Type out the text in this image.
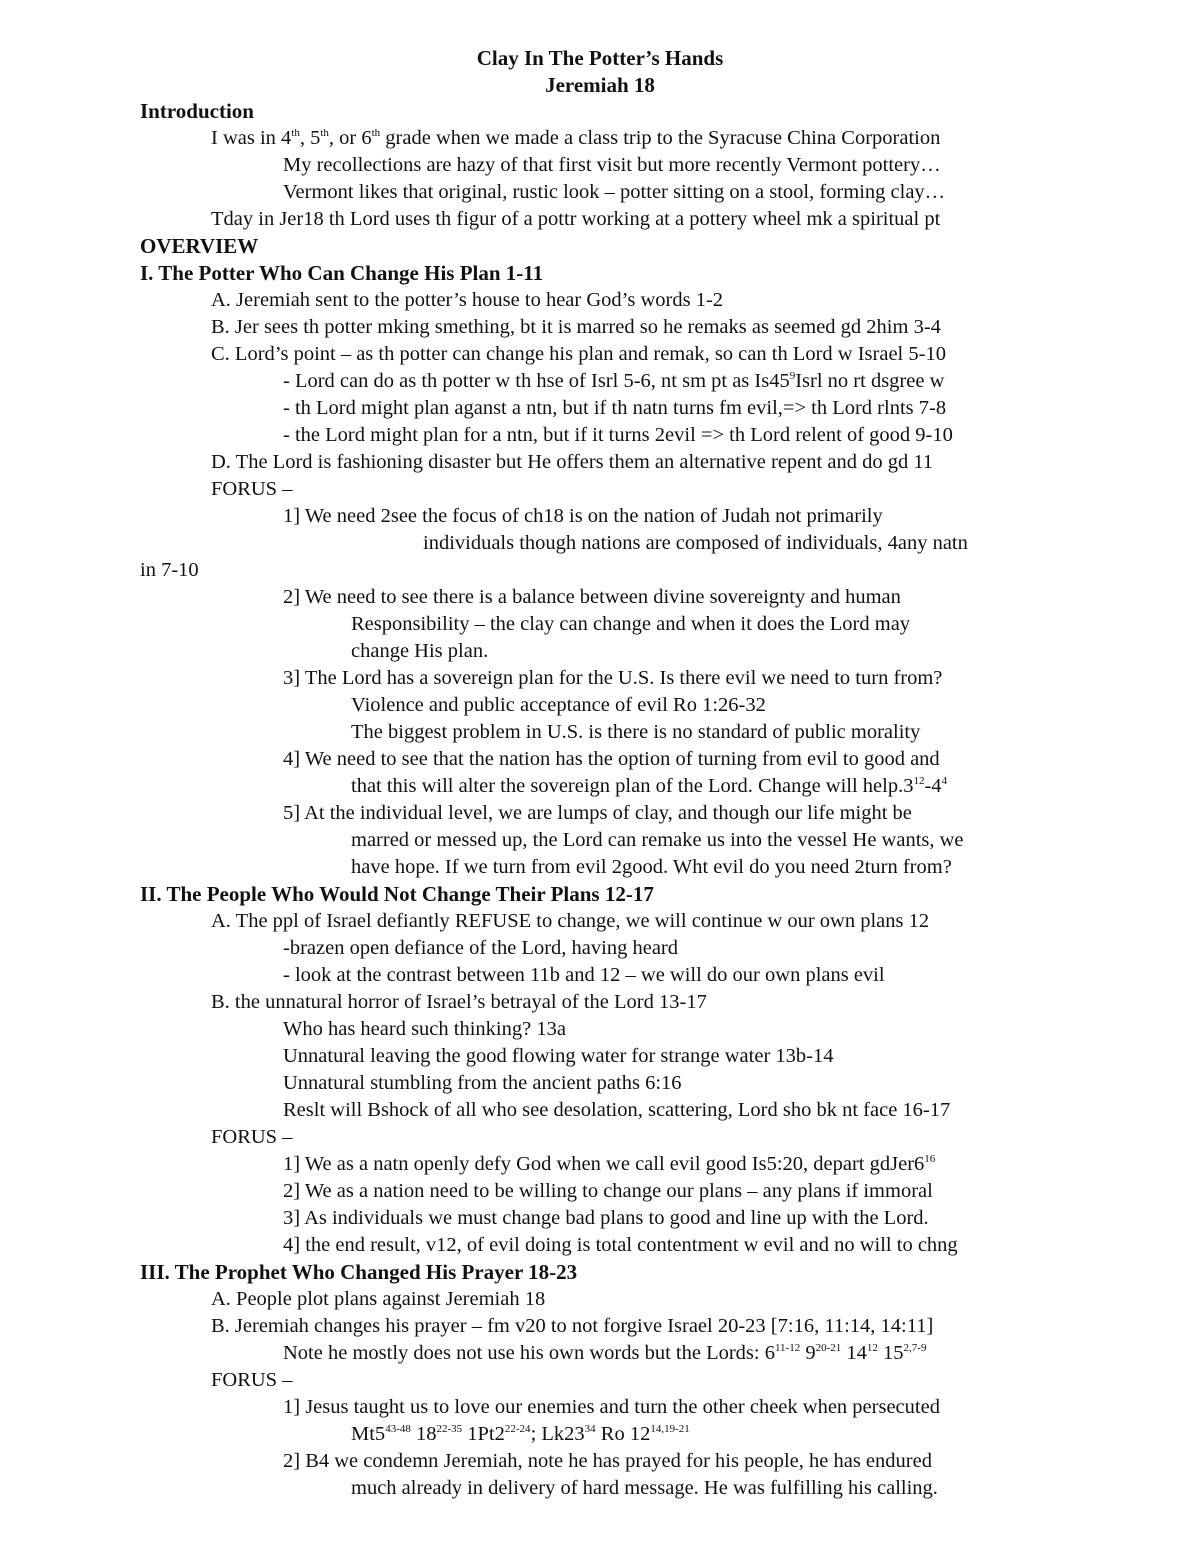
Clay In The Potter’s Hands
Jeremiah 18
Introduction
I was in 4th, 5th, or 6th grade when we made a class trip to the Syracuse China Corporation
My recollections are hazy of that first visit but more recently Vermont pottery…
Vermont likes that original, rustic look – potter sitting on a stool, forming clay…
Tday in Jer18 th Lord uses th figur of a pottr working at a pottery wheel mk a spiritual pt
OVERVIEW
I. The Potter Who Can Change His Plan 1-11
A. Jeremiah sent to the potter’s house to hear God’s words 1-2
B. Jer sees th potter mking smething, bt it is marred so he remaks as seemed gd 2him 3-4
C. Lord’s point – as th potter can change his plan and remak, so can th Lord w Israel 5-10
- Lord can do as th potter w th hse of Isrl 5-6, nt sm pt as $Is45^9Isrl$ no rt dsgree w
- th Lord might plan aganst a ntn, but if th natn turns fm evil,=> th Lord rlnts 7-8
- the Lord might plan for a ntn, but if it turns 2evil => th Lord relent of good 9-10
D. The Lord is fashioning disaster but He offers them an alternative repent and do gd 11
FORUS –
1] We need 2see the focus of ch18 is on the nation of Judah not primarily
individuals though nations are composed of individuals, 4any natn
in 7-10
2] We need to see there is a balance between divine sovereignty and human
Responsibility – the clay can change and when it does the Lord may
change His plan.
3] The Lord has a sovereign plan for the U.S. Is there evil we need to turn from?
Violence and public acceptance of evil Ro 1:26-32
The biggest problem in U.S. is there is no standard of public morality
4] We need to see that the nation has the option of turning from evil to good and
that this will alter the sovereign plan of the Lord. Change will $help.3^{12}-4^4$
5] At the individual level, we are lumps of clay, and though our life might be
marred or messed up, the Lord can remake us into the vessel He wants, we
have hope. If we turn from evil 2good. Wht evil do you need 2turn from?
II. The People Who Would Not Change Their Plans 12-17
A. The ppl of Israel defiantly REFUSE to change, we will continue w our own plans 12
-brazen open defiance of the Lord, having heard
- look at the contrast between 11b and 12 – we will do our own plans evil
B. the unnatural horror of Israel’s betrayal of the Lord 13-17
Who has heard such thinking? 13a
Unnatural leaving the good flowing water for strange water 13b-14
Unnatural stumbling from the ancient paths 6:16
Reslt will Bshock of all who see desolation, scattering, Lord sho bk nt face 16-17
FORUS –
1] We as a natn openly defy God when we call evil good Is5:20, depart $gdJer6^{16}$
2] We as a nation need to be willing to change our plans – any plans if immoral
3] As individuals we must change bad plans to good and line up with the Lord.
4] the end result, v12, of evil doing is total contentment w evil and no will to chng
III. The Prophet Who Changed His Prayer 18-23
A. People plot plans against Jeremiah 18
B. Jeremiah changes his prayer – fm v20 to not forgive Israel 20-23 [7:16, 11:14, 14:11]
Note he mostly does not use his own words but the Lords: 6$^{11-12}$ 9$^{20-21}$ $14^{12}$ 15$^{2,7-9}$
FORUS –
1] Jesus taught us to love our enemies and turn the other cheek when persecuted
Mt5$^{43-48}$ 18$^{22-35}$ 1Pt2$^{22-24}$; $Lk23^{34}$ Ro 12$^{14,19-21}$
2] B4 we condemn Jeremiah, note he has prayed for his people, he has endured
much already in delivery of hard message. He was fulfilling his calling.
